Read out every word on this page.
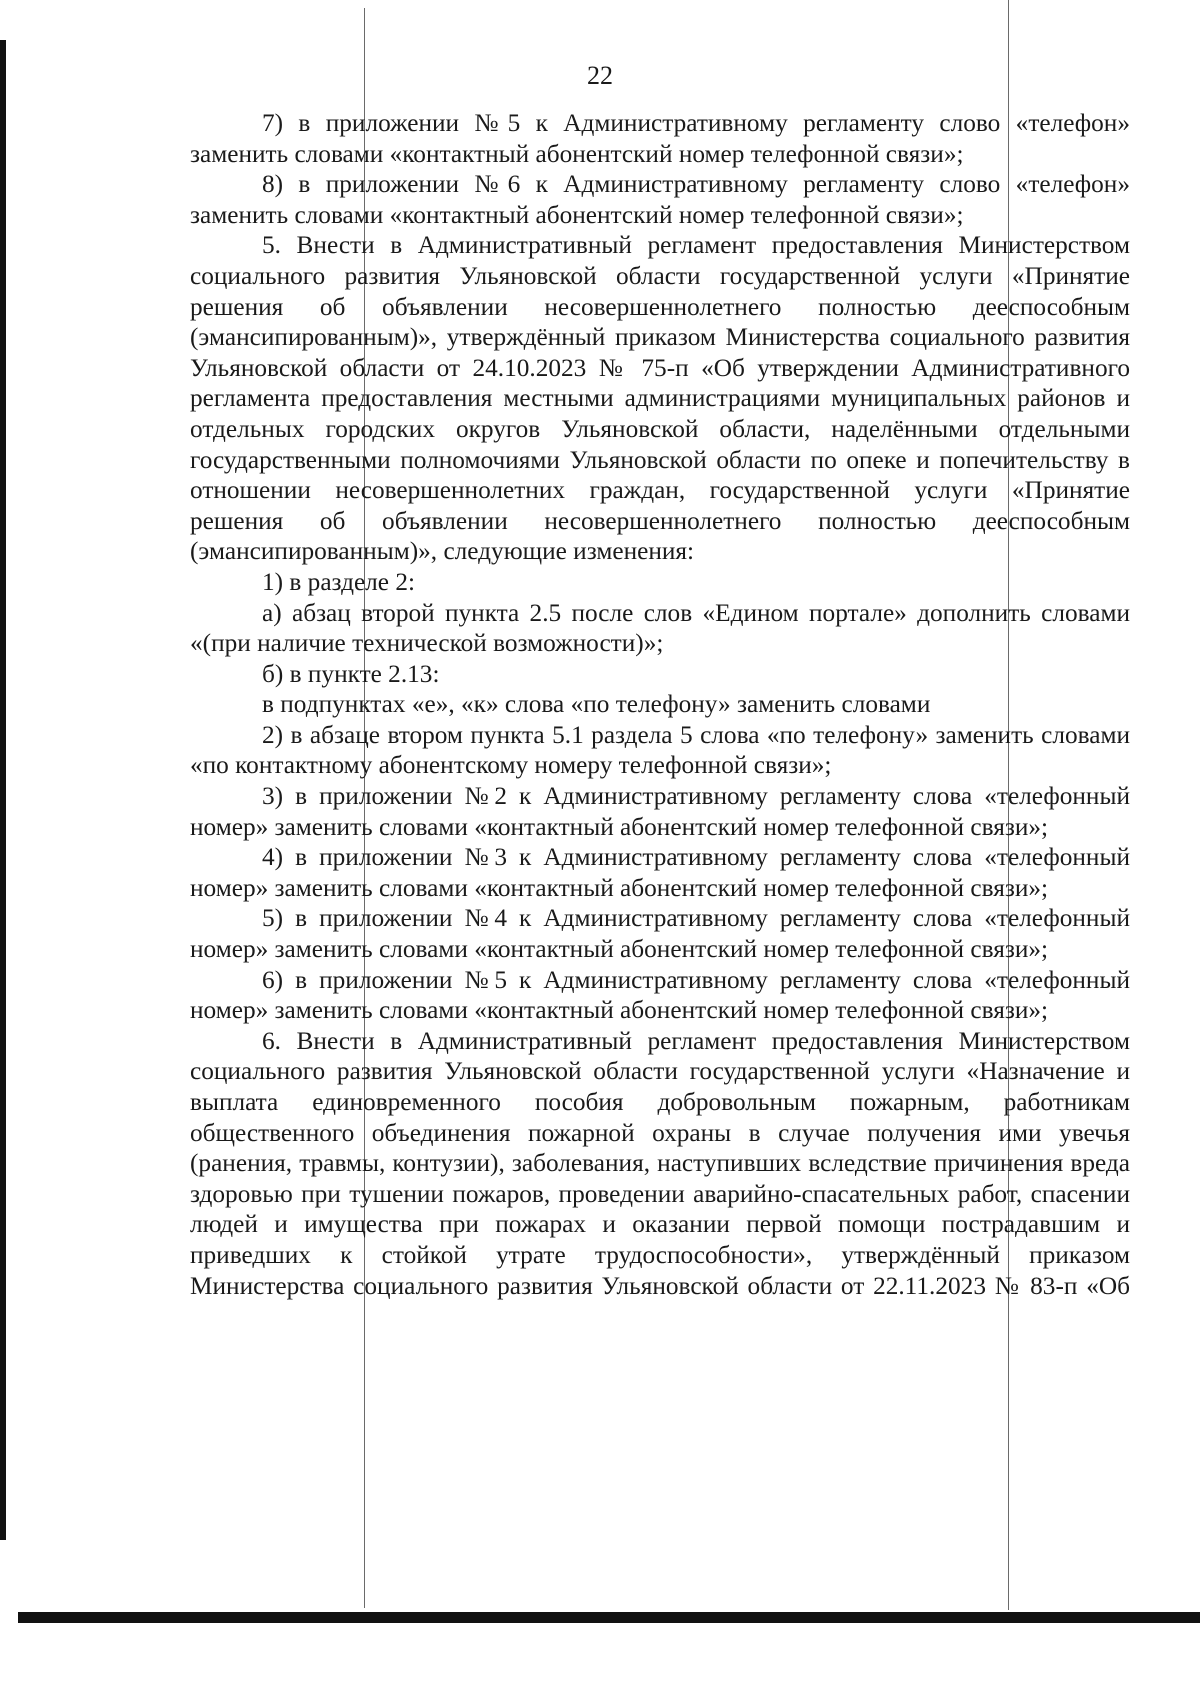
22

7) в приложении №5 к Административному регламенту слово «телефон» заменить словами «контактный абонентский номер телефонной связи»;

8) в приложении №6 к Административному регламенту слово «телефон» заменить словами «контактный абонентский номер телефонной связи»;

5. Внести в Административный регламент предоставления Министерством социального развития Ульяновской области государственной услуги «Принятие решения об объявлении несовершеннолетнего полностью дееспособным (эмансипированным)», утверждённый приказом Министерства социального развития Ульяновской области от 24.10.2023 № 75-п «Об утверждении Административного регламента предоставления местными администрациями муниципальных районов и отдельных городских округов Ульяновской области, наделёнными отдельными государственными полномочиями Ульяновской области по опеке и попечительству в отношении несовершеннолетних граждан, государственной услуги «Принятие решения об объявлении несовершеннолетнего полностью дееспособным (эмансипированным)», следующие изменения:

1) в разделе 2:

а) абзац второй пункта 2.5 после слов «Едином портале» дополнить словами «(при наличие технической возможности)»;

б) в пункте 2.13:

в подпунктах «е», «к» слова «по телефону» заменить словами

2) в абзаце втором пункта 5.1 раздела 5 слова «по телефону» заменить словами «по контактному абонентскому номеру телефонной связи»;

3) в приложении №2 к Административному регламенту слова «телефонный номер» заменить словами «контактный абонентский номер телефонной связи»;

4) в приложении №3 к Административному регламенту слова «телефонный номер» заменить словами «контактный абонентский номер телефонной связи»;

5) в приложении №4 к Административному регламенту слова «телефонный номер» заменить словами «контактный абонентский номер телефонной связи»;

6) в приложении №5 к Административному регламенту слова «телефонный номер» заменить словами «контактный абонентский номер телефонной связи»;

6. Внести в Административный регламент предоставления Министерством социального развития Ульяновской области государственной услуги «Назначение и выплата единовременного пособия добровольным пожарным, работникам общественного объединения пожарной охраны в случае получения ими увечья (ранения, травмы, контузии), заболевания, наступивших вследствие причинения вреда здоровью при тушении пожаров, проведении аварийно-спасательных работ, спасении людей и имущества при пожарах и оказании первой помощи пострадавшим и приведших к стойкой утрате трудоспособности», утверждённый приказом Министерства социального развития Ульяновской области от 22.11.2023 № 83-п «Об
